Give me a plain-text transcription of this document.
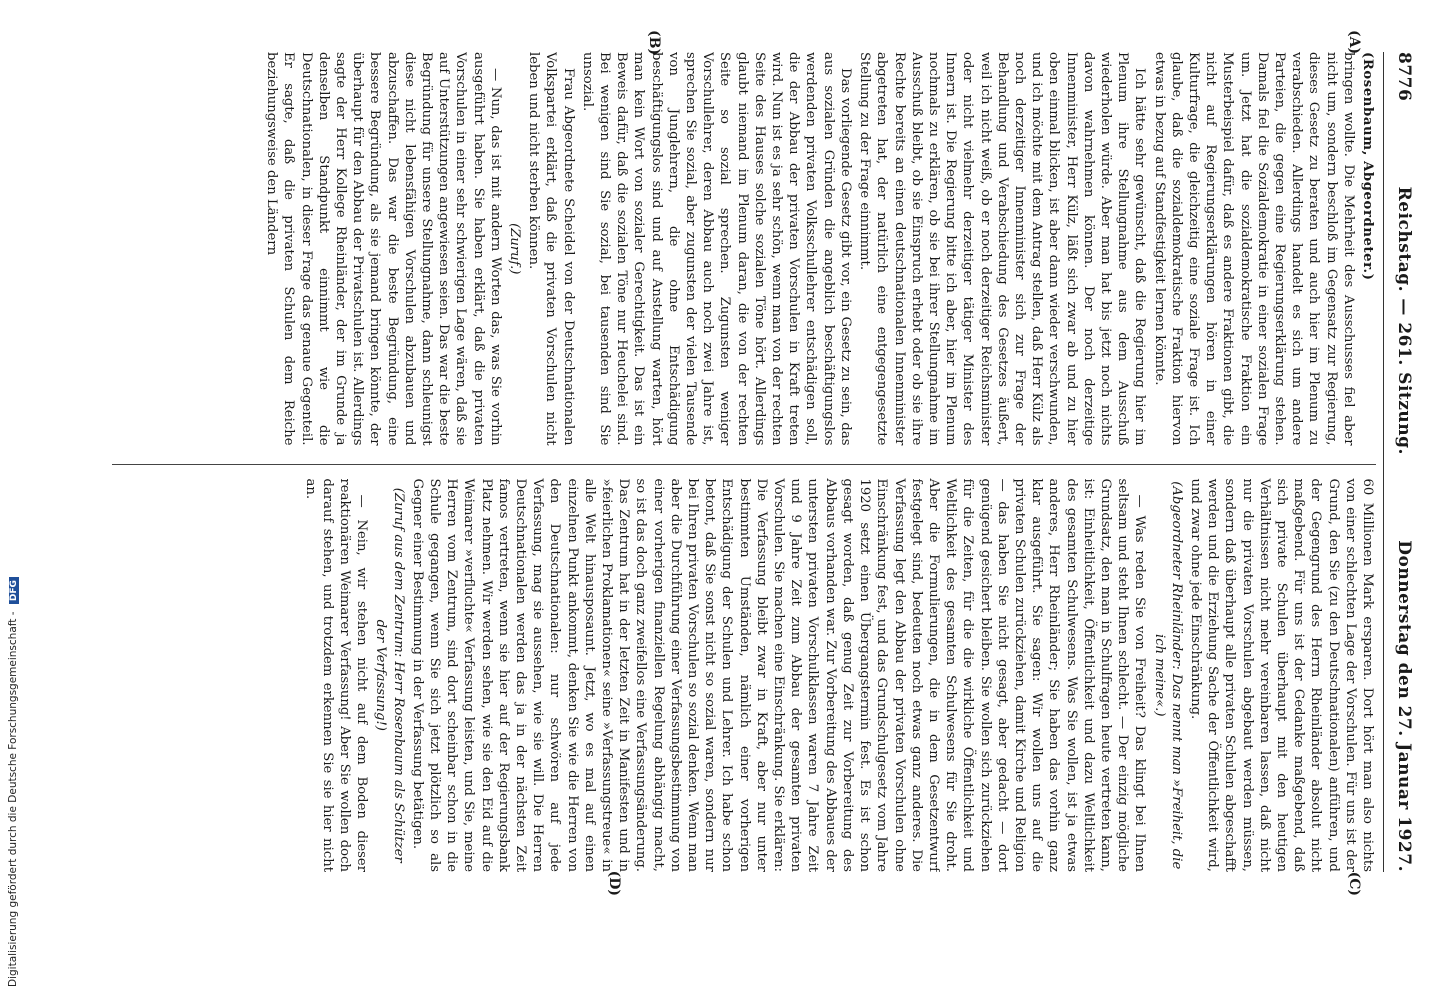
Digitalisierung gefördert durch die Deutsche Forschungsgemeinschaft - DFG
8776
Reichstag. — 261. Sitzung.
Donnerstag den 27. Januar 1927.
(A)
(B)
(C)
(D)

(Rosenbaum, Abgeordneter.)

bringen wollte. Die Mehrheit des Ausschusses fiel aber nicht um, sondern beschloß im Gegensatz zur Regierung, dieses Gesetz zu beraten und auch hier im Plenum zu verabschieden. Allerdings handelt es sich um andere Parteien, die gegen eine Regierungserklärung stehen. Damals fiel die Sozialdemokratie in einer sozialen Frage um. Jetzt hat die sozialdemokratische Fraktion ein Musterbeispiel dafür, daß es andere Fraktionen gibt, die nicht auf Regierungserklärungen hören in einer Kulturfrage, die gleichzeitig eine soziale Frage ist. Ich glaube, daß die sozialdemokratische Fraktion hiervon etwas in bezug auf Standfestigkeit lernen könnte.

Ich hätte sehr gewünscht, daß die Regierung hier im Plenum ihre Stellungnahme aus dem Ausschuß wiederholen würde. Aber man hat bis jetzt noch nichts davon wahrnehmen können. Der noch derzeitige Innenminister, Herr Külz, läßt sich zwar ab und zu hier oben einmal blicken, ist aber dann wieder verschwunden, und ich möchte mit dem Antrag stellen, daß Herr Külz als noch derzeitiger Innenminister sich zur Frage der Behandlung und Verabschiedung des Gesetzes äußert, weil ich nicht weiß, ob er noch derzeitiger Reichsminister oder nicht vielmehr derzeitiger tätiger Minister des Innern ist. Die Regierung bitte ich aber, hier im Plenum nochmals zu erklären, ob sie bei ihrer Stellungnahme im Ausschuß bleibt, ob sie Einspruch erhebt oder ob sie ihre Rechte bereits an einen deutschnationalen Innenminister abgetreten hat, der natürlich eine entgegengesetzte Stellung zu der Frage einnimmt.

Das vorliegende Gesetz gibt vor, ein Gesetz zu sein, das aus sozialen Gründen die angeblich beschäftigungslos werdenden privaten Volksschullehrer entschädigen soll, die der Abbau der privaten Vorschulen in Kraft treten wird. Nun ist es ja sehr schön, wenn man von der rechten Seite des Hauses solche sozialen Töne hört. Allerdings glaubt niemand im Plenum daran, die von der rechten Seite so sozial sprechen. Zugunsten weniger Vorschullehrer, deren Abbau auch noch zwei Jahre ist, sprechen Sie sozial, aber zugunsten der vielen Tausende von Junglehrern, die ohne Entschädigung beschäftigungslos sind und auf Anstellung warten, hört man kein Wort von sozialer Gerechtigkeit. Das ist ein Beweis dafür, daß die sozialen Töne nur Heuchelei sind. Bei wenigen sind Sie sozial, bei tausenden sind Sie unsozial.

Frau Abgeordnete Scheidel von der Deutschnationalen Volkspartei erklärt, daß die privaten Vorschulen nicht leben und nicht sterben können.

(Zuruf.)

— Nun, das ist mit andern Worten das, was Sie vorhin ausgeführt haben. Sie haben erklärt, daß die privaten Vorschulen in einer sehr schwierigen Lage wären, daß sie auf Unterstützungen angewiesen seien. Das war die beste Begründung für unsere Stellungnahme, dann schleunigst diese nicht lebensfähigen Vorschulen abzubauen und abzuschaffen. Das war die beste Begründung, eine bessere Begründung, als sie jemand bringen könnte, der überhaupt für den Abbau der Privatschulen ist. Allerdings sagte der Herr Kollege Rheinländer, der im Grunde ja denselben Standpunkt einnimmt wie die Deutschnationalen, in dieser Frage das genaue Gegenteil. Er sagte, daß die privaten Schulen dem Reiche beziehungsweise den Ländern

60 Millionen Mark ersparen. Dort hört man also nichts von einer schlechten Lage der Vorschulen. Für uns ist der Grund, den Sie (zu den Deutschnationalen) anführen, und der Gegengrund des Herrn Rheinländer absolut nicht maßgebend. Für uns ist der Gedanke maßgebend, daß sich private Schulen überhaupt mit den heutigen Verhältnissen nicht mehr vereinbaren lassen, daß nicht nur die privaten Vorschulen abgebaut werden müssen, sondern daß überhaupt alle privaten Schulen abgeschafft werden und die Erziehung Sache der Öffentlichkeit wird, und zwar ohne jede Einschränkung.

(Abgeordneter Rheinländer: Das nennt man »Freiheit, die ich meine«.)

— Was reden Sie von Freiheit? Das klingt bei Ihnen seltsam und steht Ihnen schlecht. — Der einzig mögliche Grundsatz, den man in Schulfragen heute vertreten kann, ist: Einheitlichkeit, Öffentlichkeit und dazu Weltlichkeit des gesamten Schulwesens. Was Sie wollen, ist ja etwas anderes, Herr Rheinländer; Sie haben das vorhin ganz klar ausgeführt. Sie sagen: Wir wollen uns auf die privaten Schulen zurückziehen, damit Kirche und Religion — das haben Sie nicht gesagt, aber gedacht — dort genügend gesichert bleiben. Sie wollen sich zurückziehen für die Zeiten, für die die wirkliche Öffentlichkeit und Weltlichkeit des gesamten Schulwesens für Sie droht. Aber die Formulierungen, die in dem Gesetzentwurf festgelegt sind, bedeuten noch etwas ganz anderes. Die Verfassung legt den Abbau der privaten Vorschulen ohne Einschränkung fest, und das Grundschulgesetz vom Jahre 1920 setzt einen Übergangstermin fest. Es ist schon gesagt worden, daß genug Zeit zur Vorbereitung des Abbaus vorhanden war. Zur Vorbereitung des Abbaues der untersten privaten Vorschulklassen waren 7 Jahre Zeit und 9 Jahre Zeit zum Abbau der gesamten privaten Vorschulen. Sie machen eine Einschränkung. Sie erklären: Die Verfassung bleibt zwar in Kraft, aber nur unter bestimmten Umständen, nämlich einer vorherigen Entschädigung der Schulen und Lehrer. Ich habe schon betont, daß Sie sonst nicht so sozial waren, sondern nur bei Ihren privaten Vorschulen so sozial denken. Wenn man aber die Durchführung einer Verfassungsbestimmung von einer vorherigen finanziellen Regelung abhängig macht, so ist das doch ganz zweifellos eine Verfassungsänderung. Das Zentrum hat in der letzten Zeit in Manifesten und in »feierlichen Proklamationen« seine »Verfassungstreue« in alle Welt hinausposaunt. Jetzt, wo es mal auf einen einzelnen Punkt ankommt, denken Sie wie die Herren von den Deutschnationalen: nur schwören auf jede Verfassung, mag sie aussehen, wie sie will. Die Herren Deutschnationalen werden das ja in der nächsten Zeit famos vertreten, wenn sie hier auf der Regierungsbank Platz nehmen. Wir werden sehen, wie sie den Eid auf die Weimarer »verfluchte« Verfassung leisten, und Sie, meine Herren vom Zentrum, sind dort scheinbar schon in die Schule gegangen, wenn Sie sich jetzt plötzlich so als Gegner einer Bestimmung in der Verfassung betätigen.

(Zuruf aus dem Zentrum: Herr Rosenbaum als Schützer der Verfassung!)

— Nein, wir stehen nicht auf dem Boden dieser reaktionären Weimarer Verfassung! Aber Sie wollen doch darauf stehen, und trotzdem erkennen Sie sie hier nicht an.
